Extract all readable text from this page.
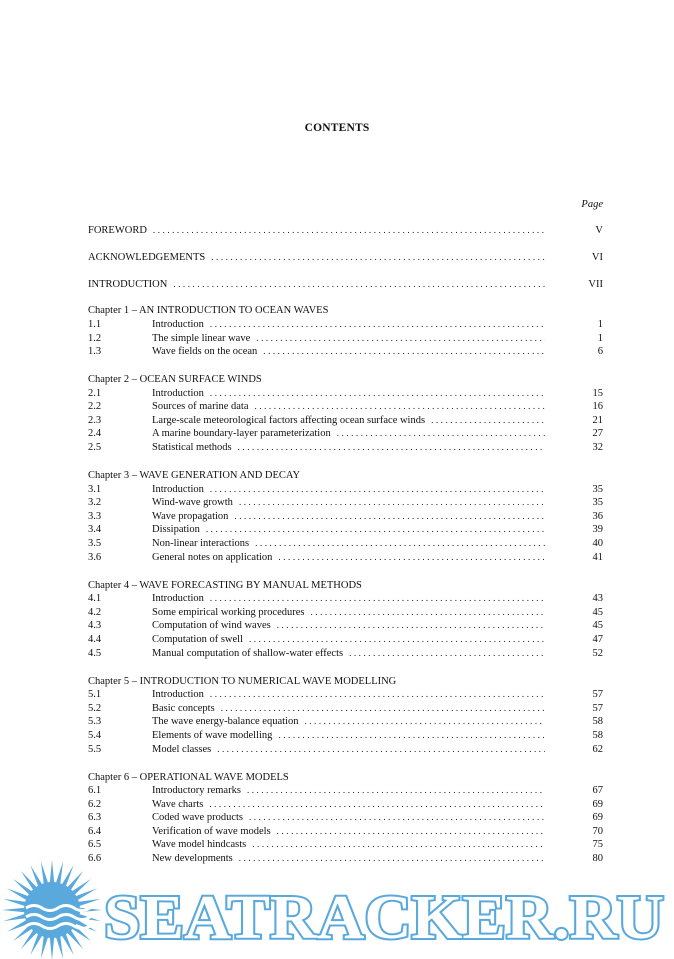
CONTENTS
Page
FOREWORD . . .	V
ACKNOWLEDGEMENTS . . .	VI
INTRODUCTION . . .	VII
Chapter 1 – AN INTRODUCTION TO OCEAN WAVES
1.1	Introduction . . .	1
1.2	The simple linear wave . . .	1
1.3	Wave fields on the ocean . . .	6
Chapter 2 – OCEAN SURFACE WINDS
2.1	Introduction . . .	15
2.2	Sources of marine data . . .	16
2.3	Large-scale meteorological factors affecting ocean surface winds . . .	21
2.4	A marine boundary-layer parameterization . . .	27
2.5	Statistical methods . . .	32
Chapter 3 – WAVE GENERATION AND DECAY
3.1	Introduction . . .	35
3.2	Wind-wave growth . . .	35
3.3	Wave propagation . . .	36
3.4	Dissipation . . .	39
3.5	Non-linear interactions . . .	40
3.6	General notes on application . . .	41
Chapter 4 – WAVE FORECASTING BY MANUAL METHODS
4.1	Introduction . . .	43
4.2	Some empirical working procedures . . .	45
4.3	Computation of wind waves . . .	45
4.4	Computation of swell . . .	47
4.5	Manual computation of shallow-water effects . . .	52
Chapter 5 – INTRODUCTION TO NUMERICAL WAVE MODELLING
5.1	Introduction . . .	57
5.2	Basic concepts . . .	57
5.3	The wave energy-balance equation . . .	58
5.4	Elements of wave modelling . . .	58
5.5	Model classes . . .	62
Chapter 6 – OPERATIONAL WAVE MODELS
6.1	Introductory remarks . . .	67
6.2	Wave charts . . .	69
6.3	Coded wave products . . .	69
6.4	Verification of wave models . . .	70
6.5	Wave model hindcasts . . .	75
6.6	New developments . . .	80
SEATRACKER.RU
